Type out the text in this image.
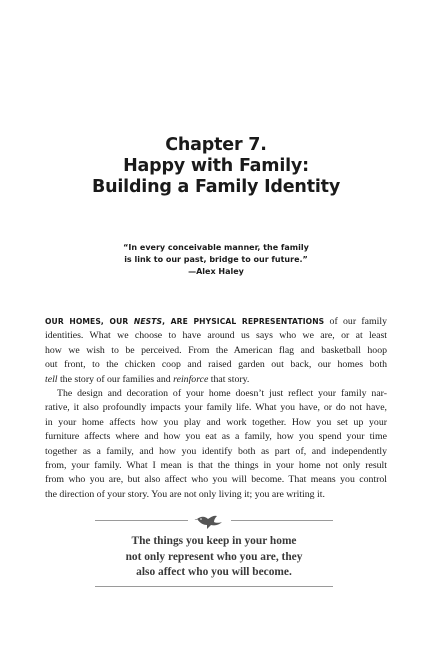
Chapter 7.
Happy with Family:
Building a Family Identity
“In every conceivable manner, the family
is link to our past, bridge to our future.”
—Alex Haley
OUR HOMES, OUR NESTS, ARE PHYSICAL REPRESENTATIONS of our family
identities. What we choose to have around us says who we are, or at least
how we wish to be perceived. From the American flag and basketball hoop
out front, to the chicken coop and raised garden out back, our homes both
tell the story of our families and reinforce that story.
The design and decoration of your home doesn’t just reflect your family nar-
rative, it also profoundly impacts your family life. What you have, or do not have,
in your home affects how you play and work together. How you set up your
furniture affects where and how you eat as a family, how you spend your time
together as a family, and how you identify both as part of, and independently
from, your family. What I mean is that the things in your home not only result
from who you are, but also affect who you will become. That means you control
the direction of your story. You are not only living it; you are writing it.
The things you keep in your home
not only represent who you are, they
also affect who you will become.
